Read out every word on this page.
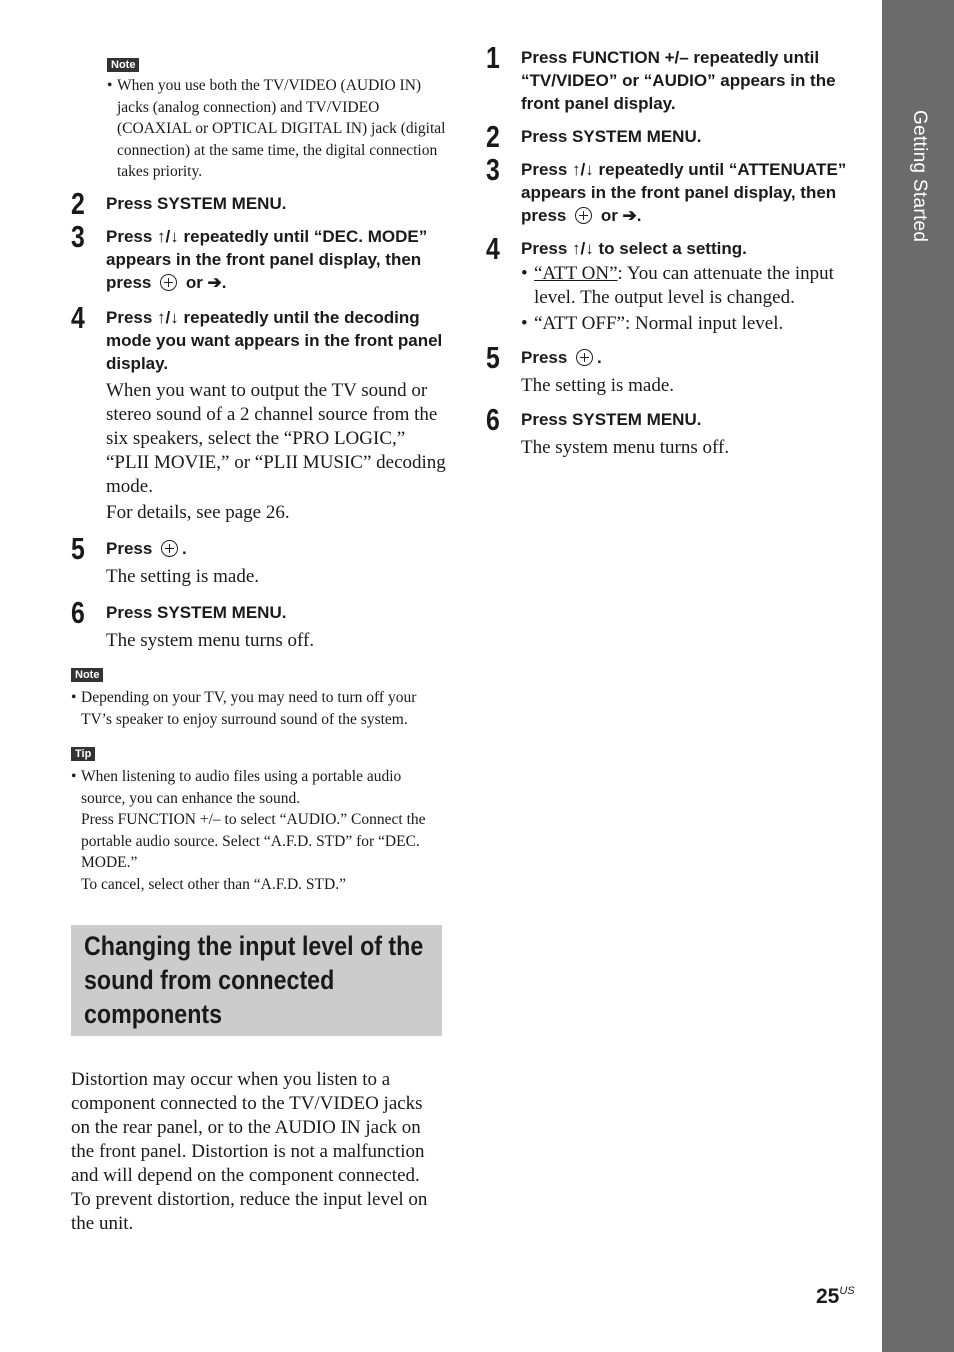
Getting Started
Note
• When you use both the TV/VIDEO (AUDIO IN) jacks (analog connection) and TV/VIDEO (COAXIAL or OPTICAL DIGITAL IN) jack (digital connection) at the same time, the digital connection takes priority.
2 Press SYSTEM MENU.
3 Press ↑/↓ repeatedly until “DEC. MODE” appears in the front panel display, then press  or ➔.
4 Press ↑/↓ repeatedly until the decoding mode you want appears in the front panel display.
When you want to output the TV sound or stereo sound of a 2 channel source from the six speakers, select the “PRO LOGIC,” “PLII MOVIE,” or “PLII MUSIC” decoding mode.
For details, see page 26.
5 Press .
The setting is made.
6 Press SYSTEM MENU.
The system menu turns off.
Note
• Depending on your TV, you may need to turn off your TV’s speaker to enjoy surround sound of the system.
Tip
• When listening to audio files using a portable audio source, you can enhance the sound.
Press FUNCTION +/– to select “AUDIO.” Connect the portable audio source. Select “A.F.D. STD” for “DEC. MODE.”
To cancel, select other than “A.F.D. STD.”
Changing the input level of the sound from connected components
Distortion may occur when you listen to a component connected to the TV/VIDEO jacks on the rear panel, or to the AUDIO IN jack on the front panel. Distortion is not a malfunction and will depend on the component connected. To prevent distortion, reduce the input level on the unit.
1 Press FUNCTION +/– repeatedly until “TV/VIDEO” or “AUDIO” appears in the front panel display.
2 Press SYSTEM MENU.
3 Press ↑/↓ repeatedly until “ATTENUATE” appears in the front panel display, then press  or ➔.
4 Press ↑/↓ to select a setting.
• “ATT ON”: You can attenuate the input level. The output level is changed.
• “ATT OFF”: Normal input level.
5 Press .
The setting is made.
6 Press SYSTEM MENU.
The system menu turns off.
$25^{US}$
